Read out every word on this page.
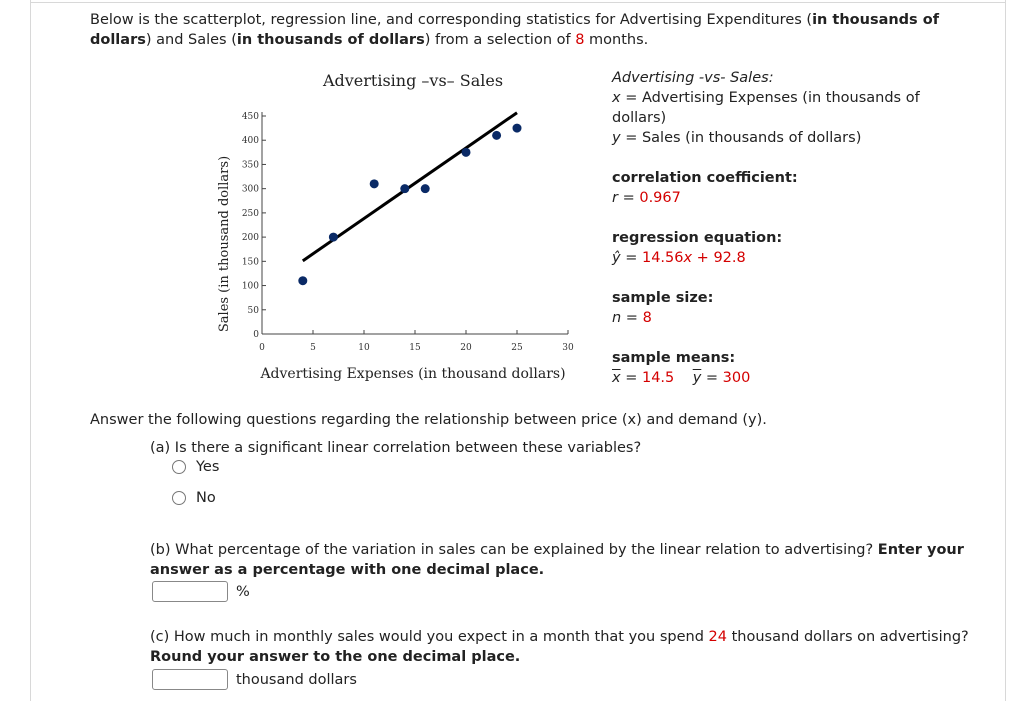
Below is the scatterplot, regression line, and corresponding statistics for Advertising Expenditures (in thousands of dollars) and Sales (in thousands of dollars) from a selection of 8 months.
Advertising –vs– Sales
Sales (in thousand dollars)
Advertising Expenses (in thousand dollars)
0
50
100
150
200
250
300
350
400
450
0	5	10	15	20	25	30
Advertising -vs- Sales:
x = Advertising Expenses (in thousands of dollars)
y = Sales (in thousands of dollars)
correlation coefficient:
r = 0.967
regression equation:
ŷ = 14.56x + 92.8
sample size:
n = 8
sample means:
$\overline{x} = 14.5$ $\overline{y} = 300$
Answer the following questions regarding the relationship between price (x) and demand (y).
(a) Is there a significant linear correlation between these variables?
Yes
No
(b) What percentage of the variation in sales can be explained by the linear relation to advertising? Enter your answer as a percentage with one decimal place.
%
(c) How much in monthly sales would you expect in a month that you spend 24 thousand dollars on advertising? Round your answer to the one decimal place.
thousand dollars
